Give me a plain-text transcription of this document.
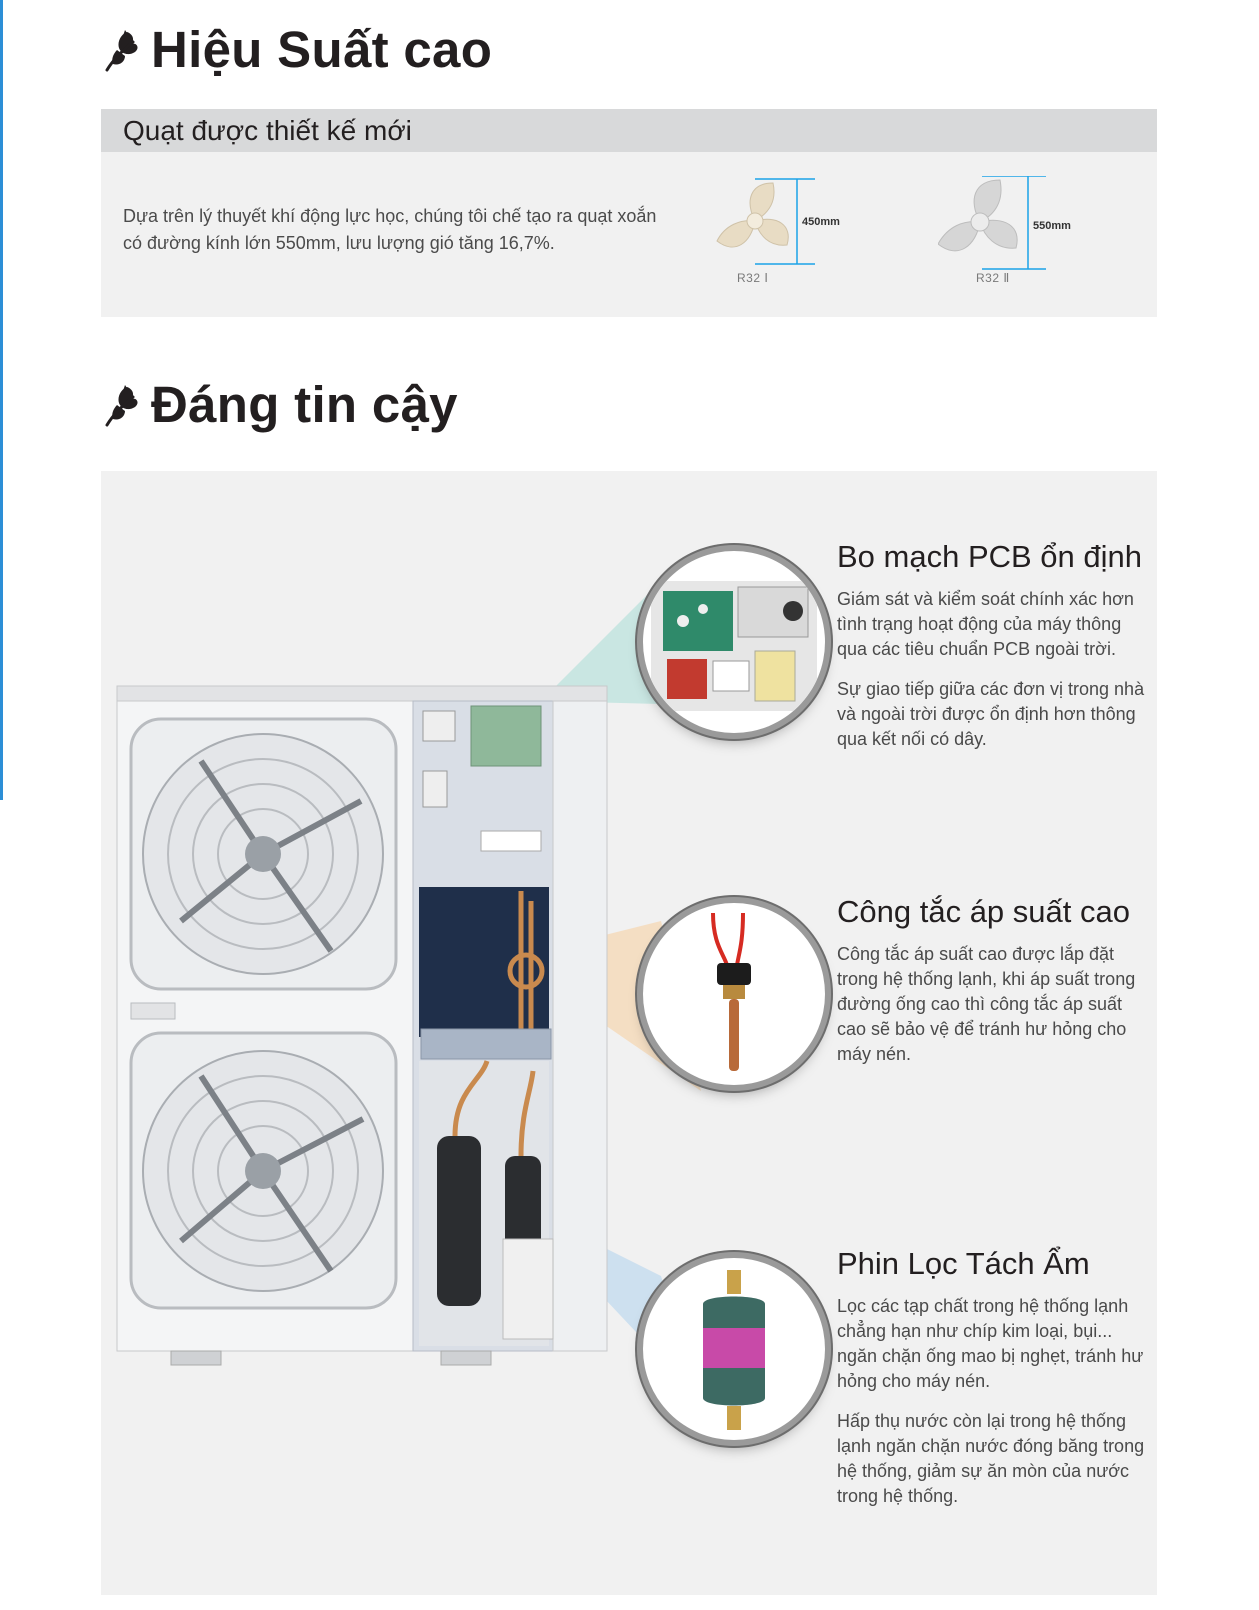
Hiệu Suất cao
Quạt được thiết kế mới

Dựa trên lý thuyết khí động lực học, chúng tôi chế tạo ra quạt xoắn có đường kính lớn 550mm, lưu lượng gió tăng 16,7%.

450mm
R32 Ⅰ
550mm
R32 Ⅱ
Đáng tin cậy
Bo mạch PCB ổn định

Giám sát và kiểm soát chính xác hơn tình trạng hoạt động của máy thông qua các tiêu chuẩn PCB ngoài trời.

Sự giao tiếp giữa các đơn vị trong nhà và ngoài trời được ổn định hơn thông qua kết nối có dây.

Công tắc áp suất cao

Công tắc áp suất cao được lắp đặt trong hệ thống lạnh, khi áp suất trong đường ống cao thì công tắc áp suất cao sẽ bảo vệ để tránh hư hỏng cho máy nén.

Phin Lọc Tách Ẩm

Lọc các tạp chất trong hệ thống lạnh chẳng hạn như chíp kim loại, bụi... ngăn chặn ống mao bị nghẹt, tránh hư hỏng cho máy nén.

Hấp thụ nước còn lại trong hệ thống lạnh ngăn chặn nước đóng băng trong hệ thống, giảm sự ăn mòn của nước trong hệ thống.
